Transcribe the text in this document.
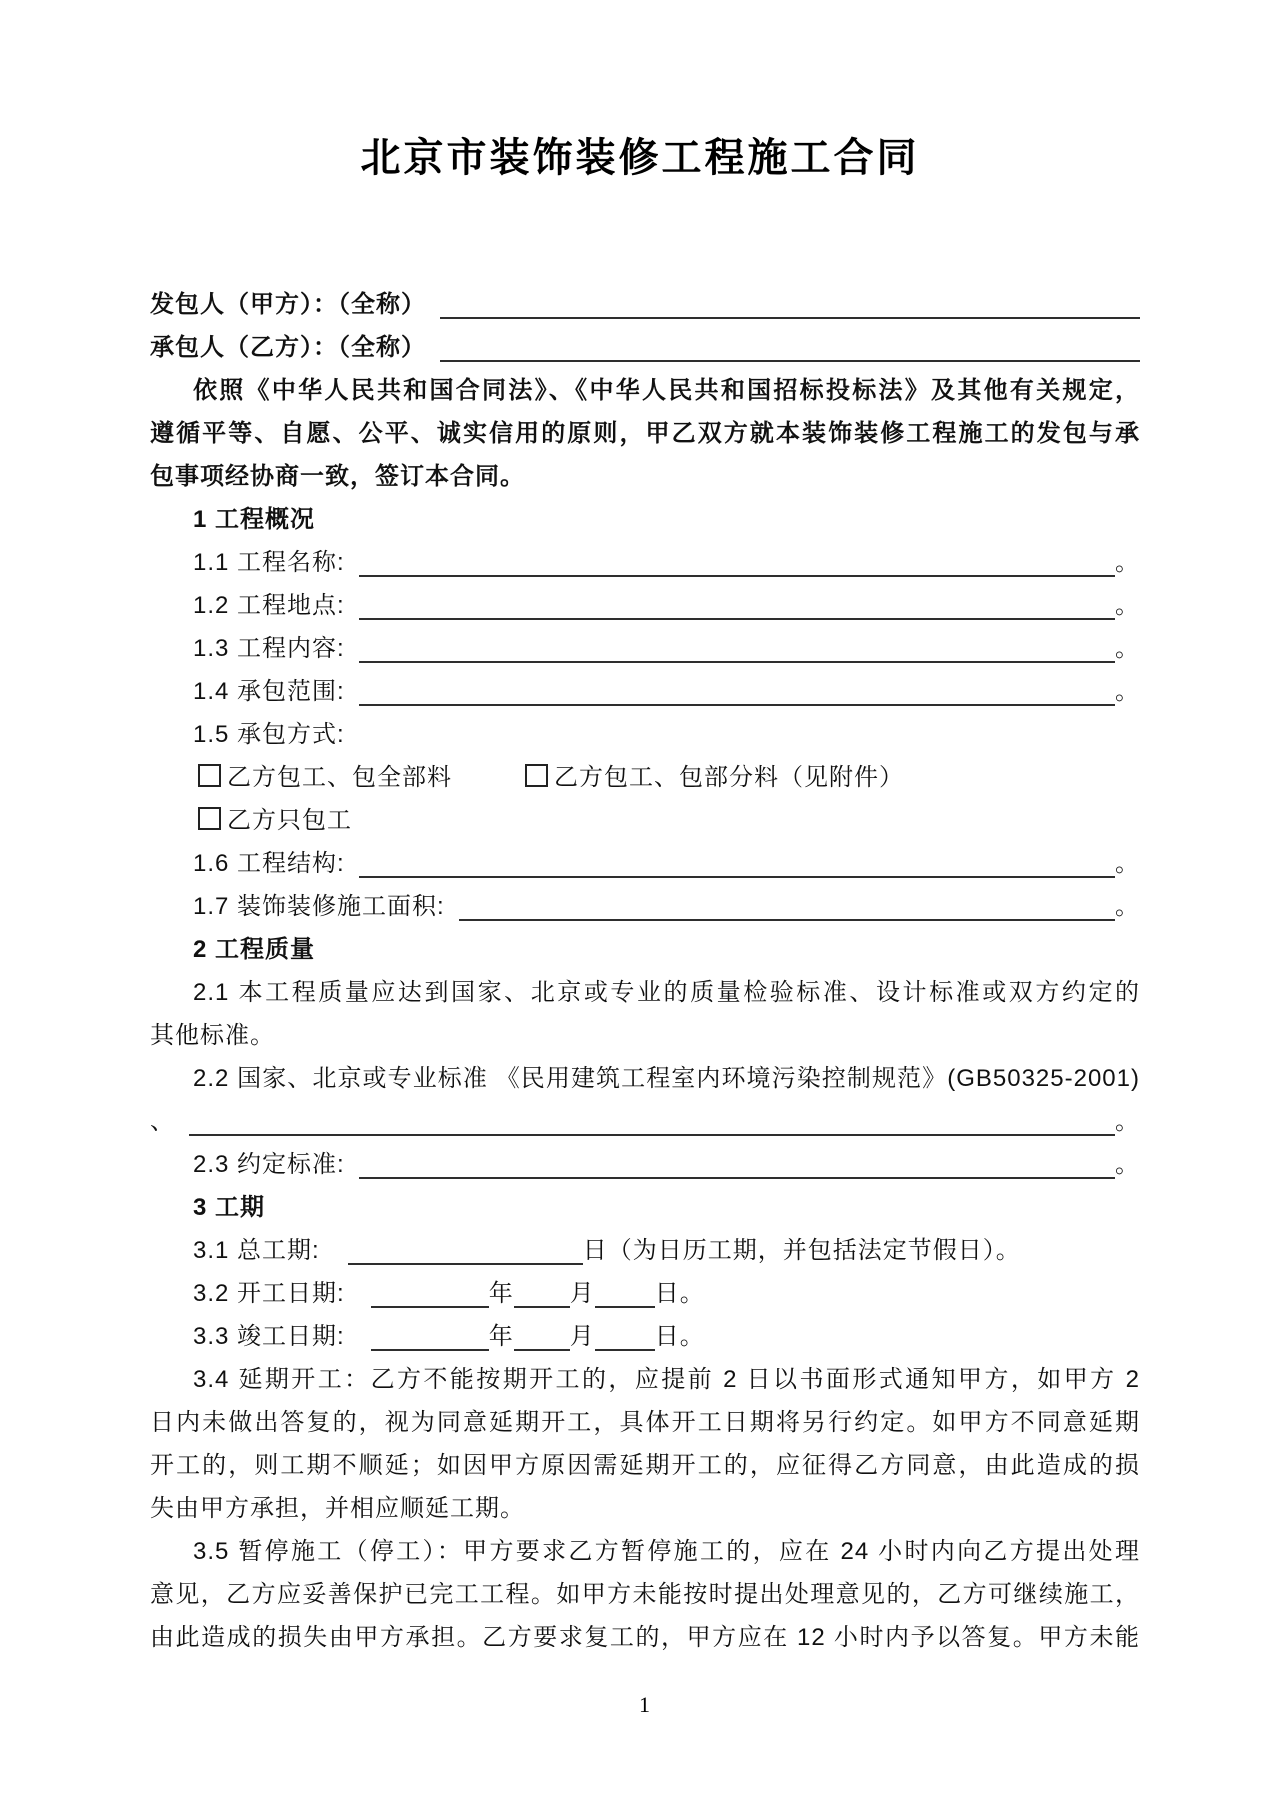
北京市装饰装修工程施工合同
发包人（甲方）：（全称）
承包人（乙方）：（全称）
依照《中华人民共和国合同法》、《中华人民共和国招标投标法》及其他有关规定，
遵循平等、自愿、公平、诚实信用的原则，甲乙双方就本装饰装修工程施工的发包与承
包事项经协商一致，签订本合同。
1 工程概况
1.1 工程名称:	。
1.2 工程地点:	。
1.3 工程内容:	。
1.4 承包范围:	。
1.5 承包方式:
乙方包工、包全部料	乙方包工、包部分料（见附件）
乙方只包工
1.6 工程结构:	。
1.7 装饰装修施工面积:	。
2 工程质量
2.1 本工程质量应达到国家、北京或专业的质量检验标准、设计标准或双方约定的
其他标准。
2.2 国家、北京或专业标准 《民用建筑工程室内环境污染控制规范》(GB50325-2001)
、	。
2.3 约定标准:	。
3 工期
3.1 总工期:	日（为日历工期，并包括法定节假日）。
3.2 开工日期:	年 月	日。
3.3 竣工日期:	年 月	日。
3.4 延期开工：乙方不能按期开工的，应提前 2 日以书面形式通知甲方，如甲方 2
日内未做出答复的，视为同意延期开工，具体开工日期将另行约定。如甲方不同意延期
开工的，则工期不顺延；如因甲方原因需延期开工的，应征得乙方同意，由此造成的损
失由甲方承担，并相应顺延工期。
3.5 暂停施工（停工）：甲方要求乙方暂停施工的，应在 24 小时内向乙方提出处理
意见，乙方应妥善保护已完工工程。如甲方未能按时提出处理意见的，乙方可继续施工，
由此造成的损失由甲方承担。乙方要求复工的，甲方应在 12 小时内予以答复。甲方未能
1
